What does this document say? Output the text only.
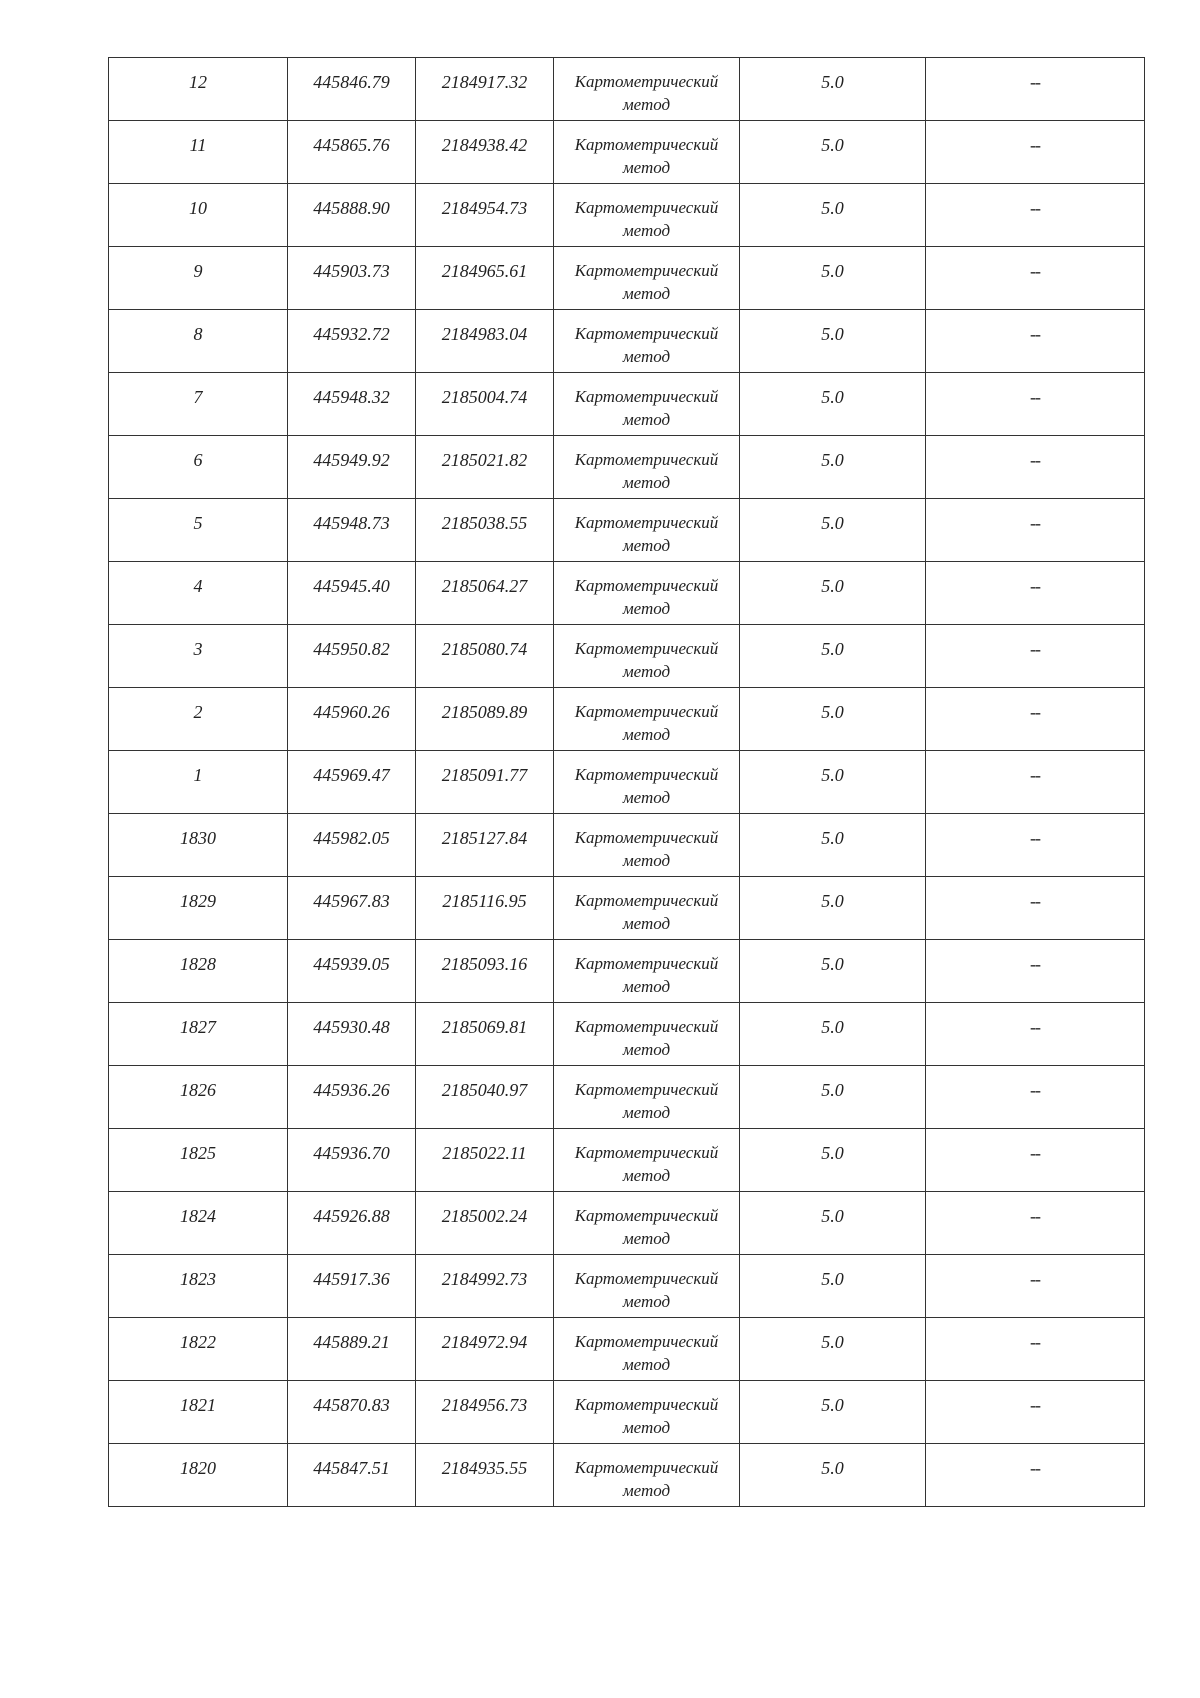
12	445846.79	2184917.32	Картометрический метод	5.0	--
11	445865.76	2184938.42	Картометрический метод	5.0	--
10	445888.90	2184954.73	Картометрический метод	5.0	--
9	445903.73	2184965.61	Картометрический метод	5.0	--
8	445932.72	2184983.04	Картометрический метод	5.0	--
7	445948.32	2185004.74	Картометрический метод	5.0	--
6	445949.92	2185021.82	Картометрический метод	5.0	--
5	445948.73	2185038.55	Картометрический метод	5.0	--
4	445945.40	2185064.27	Картометрический метод	5.0	--
3	445950.82	2185080.74	Картометрический метод	5.0	--
2	445960.26	2185089.89	Картометрический метод	5.0	--
1	445969.47	2185091.77	Картометрический метод	5.0	--
1830	445982.05	2185127.84	Картометрический метод	5.0	--
1829	445967.83	2185116.95	Картометрический метод	5.0	--
1828	445939.05	2185093.16	Картометрический метод	5.0	--
1827	445930.48	2185069.81	Картометрический метод	5.0	--
1826	445936.26	2185040.97	Картометрический метод	5.0	--
1825	445936.70	2185022.11	Картометрический метод	5.0	--
1824	445926.88	2185002.24	Картометрический метод	5.0	--
1823	445917.36	2184992.73	Картометрический метод	5.0	--
1822	445889.21	2184972.94	Картометрический метод	5.0	--
1821	445870.83	2184956.73	Картометрический метод	5.0	--
1820	445847.51	2184935.55	Картометрический метод	5.0	--
